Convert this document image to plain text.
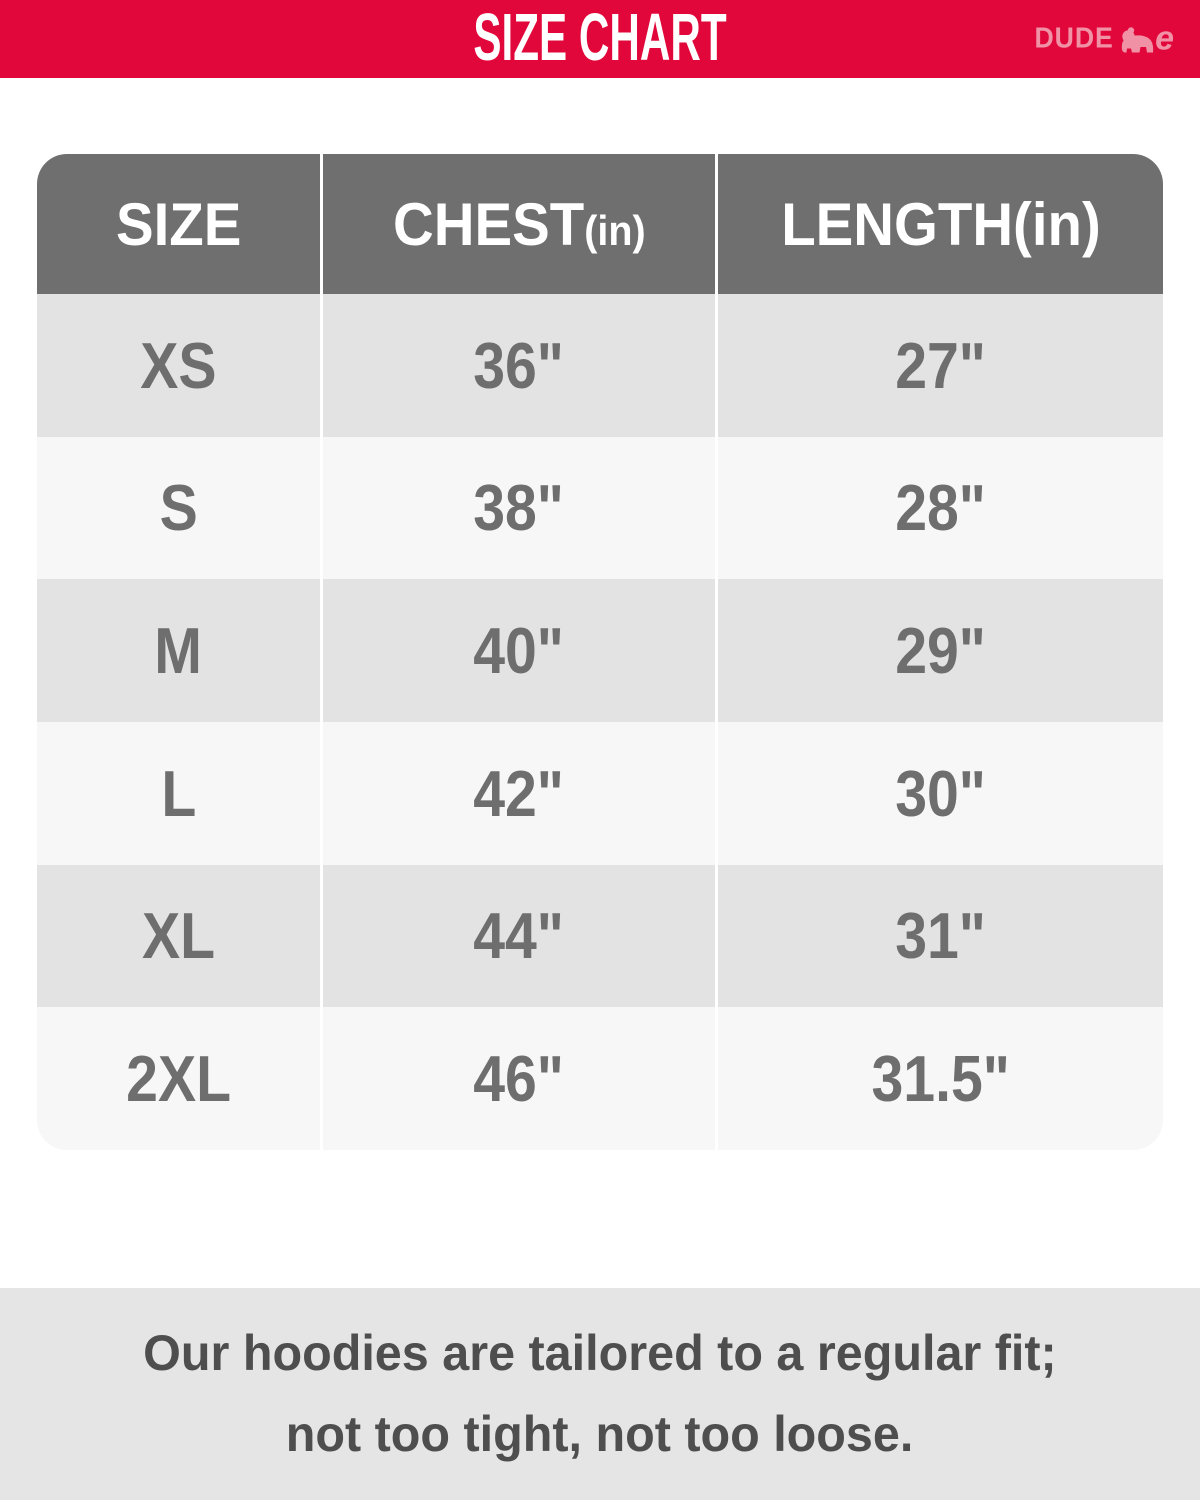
SIZE CHART	DUDE e
SIZE	CHEST(in) LENGTH(in)
XS	36"	27"
S	38"	28"
M	40"	29"
L	42"	30"
XL	44"	31"
2XL	46"	31.5"
Our hoodies are tailored to a regular fit;
not too tight, not too loose.
